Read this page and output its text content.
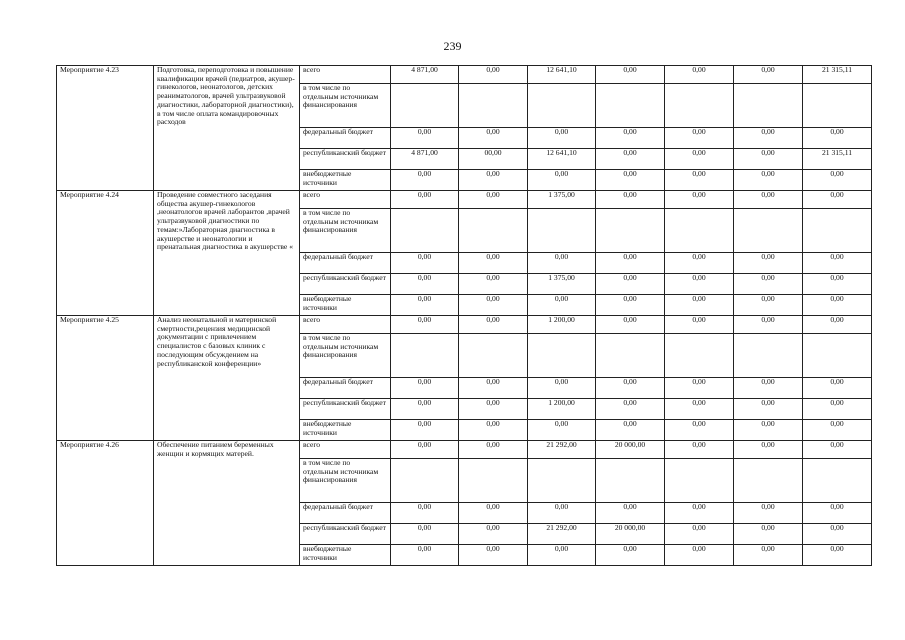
239
Мероприятие 4.23	Подготовка, переподготовка и повышение квалификации врачей (педиатров, акушер-гинекологов, неонатологов, детских реаниматологов, врачей ультразвуковой диагностики, лабораторной диагностики), в том числе оплата командировочных расходов	всего	4 871,00	0,00	12 641,10	0,00	0,00	0,00	21 315,11
		в том числе по отдельным источникам финансирования							
		федеральный бюджет	0,00	0,00	0,00	0,00	0,00	0,00	0,00
		республиканский бюджет	4 871,00	00,00	12 641,10	0,00	0,00	0,00	21 315,11
		внебюджетные источники	0,00	0,00	0,00	0,00	0,00	0,00	0,00
Мероприятие 4.24	Проведение совместного заседания общества акушер-гинекологов ,неонатологов врачей лаборантов ,врачей ультразвуковой диагностики по темам:»Лабораторная диагностика в акушерстве и неонатологии и пренатальная диагностика в акушерстве «	всего	0,00	0,00	1 375,00	0,00	0,00	0,00	0,00
		в том числе по отдельным источникам финансирования							
		федеральный бюджет	0,00	0,00	0,00	0,00	0,00	0,00	0,00
		республиканский бюджет	0,00	0,00	1 375,00	0,00	0,00	0,00	0,00
		внебюджетные источники	0,00	0,00	0,00	0,00	0,00	0,00	0,00
Мероприятие 4.25	Анализ неонатальной и материнской смертности,рецензия медицинской документации с привлечением специалистов с базовых клиник с последующим обсуждением на республиканской конференции»	всего	0,00	0,00	1 200,00	0,00	0,00	0,00	0,00
		в том числе по отдельным источникам финансирования							
		федеральный бюджет	0,00	0,00	0,00	0,00	0,00	0,00	0,00
		республиканский бюджет	0,00	0,00	1 200,00	0,00	0,00	0,00	0,00
		внебюджетные источники	0,00	0,00	0,00	0,00	0,00	0,00	0,00
Мероприятие 4.26	Обеспечение питанием беременных женщин и кормящих матерей.	всего	0,00	0,00	21 292,00	20 000,00	0,00	0,00	0,00
		в том числе по отдельным источникам финансирования							
		федеральный бюджет	0,00	0,00	0,00	0,00	0,00	0,00	0,00
		республиканский бюджет	0,00	0,00	21 292,00	20 000,00	0,00	0,00	0,00
		внебюджетные источники	0,00	0,00	0,00	0,00	0,00	0,00	0,00
